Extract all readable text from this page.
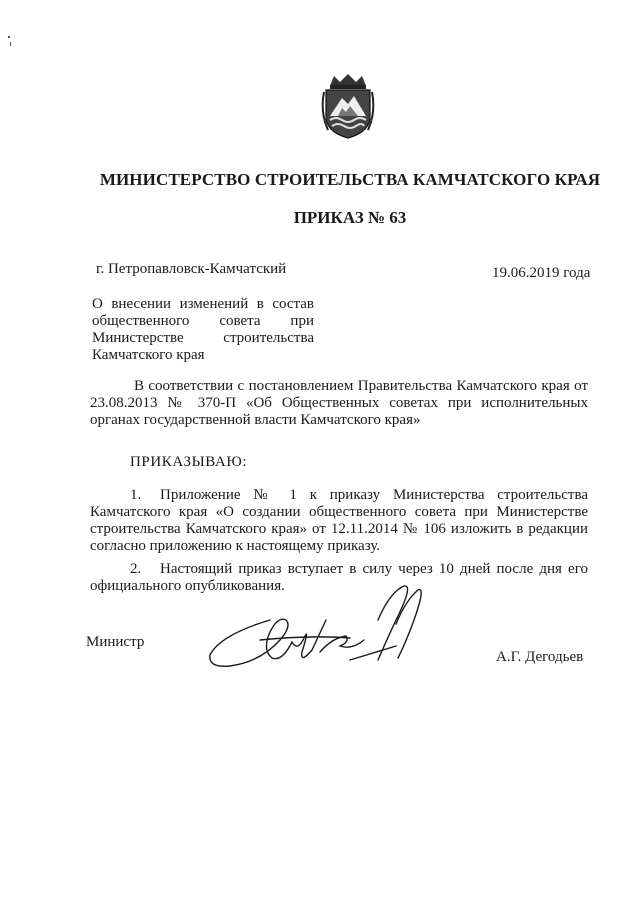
МИНИСТЕРСТВО СТРОИТЕЛЬСТВА КАМЧАТСКОГО КРАЯ
ПРИКАЗ № 63
г. Петропавловск-Камчатский	19.06.2019 года
О внесении изменений в состав
общественного совета при
Министерстве строительства
Камчатского края
В соответствии с постановлением Правительства Камчатского края от
23.08.2013 № 370-П «Об Общественных советах при исполнительных
органах государственной власти Камчатского края»
ПРИКАЗЫВАЮ:
1. Приложение № 1 к приказу Министерства строительства
Камчатского края «О создании общественного совета при Министерстве
строительства Камчатского края» от 12.11.2014 № 106 изложить в редакции
согласно приложению к настоящему приказу.
2. Настоящий приказ вступает в силу через 10 дней после дня его
официального опубликования.
Министр
А.Г. Дегодьев
